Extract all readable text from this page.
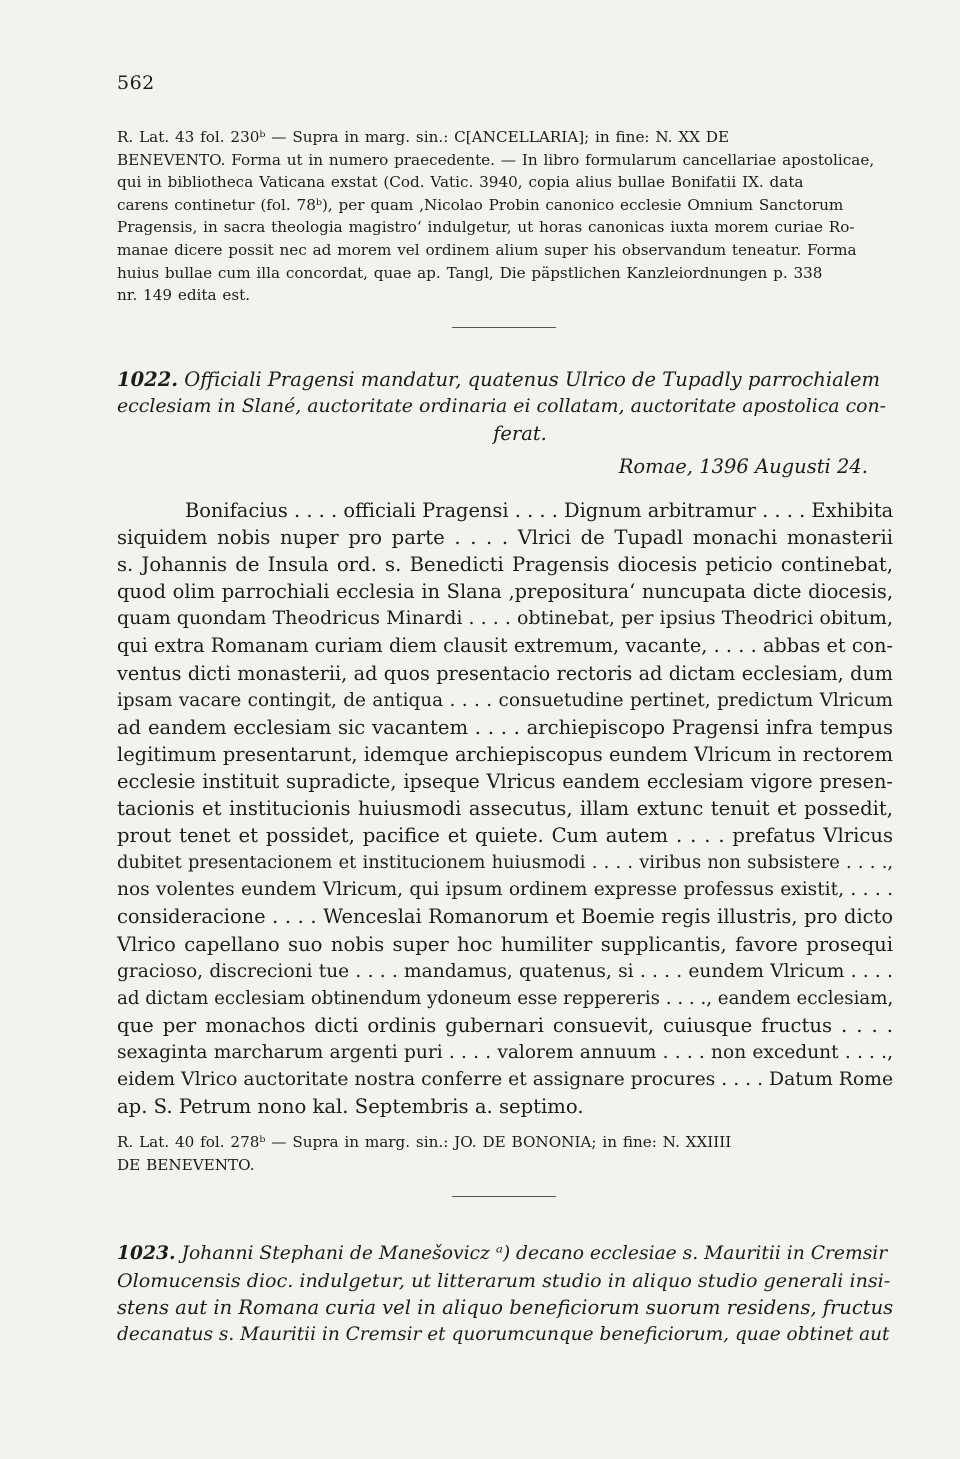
562
R. Lat. 43 fol. 230ᵇ — Supra in marg. sin.: C[ANCELLARIA]; in fine: N. XX DE
BENEVENTO. Forma ut in numero praecedente. — In libro formularum cancellariae apostolicae,
qui in bibliotheca Vaticana exstat (Cod. Vatic. 3940, copia alius bullae Bonifatii IX. data
carens continetur (fol. 78ᵇ), per quam ‚Nicolao Probin canonico ecclesie Omnium Sanctorum
Pragensis, in sacra theologia magistro‘ indulgetur, ut horas canonicas iuxta morem curiae Ro-
manae dicere possit nec ad morem vel ordinem alium super his observandum teneatur. Forma
huius bullae cum illa concordat, quae ap. Tangl, Die päpstlichen Kanzleiordnungen p. 338
nr. 149 edita est.
1022. Officiali Pragensi mandatur, quatenus Ulrico de Tupadly parrochialem
ecclesiam in Slané, auctoritate ordinaria ei collatam, auctoritate apostolica con-
ferat.
Romae, 1396 Augusti 24.
Bonifacius . . . . officiali Pragensi . . . . Dignum arbitramur . . . . Exhibita
siquidem nobis nuper pro parte . . . . Vlrici de Tupadl monachi monasterii
s. Johannis de Insula ord. s. Benedicti Pragensis diocesis peticio continebat,
quod olim parrochiali ecclesia in Slana ‚prepositura‘ nuncupata dicte diocesis,
quam quondam Theodricus Minardi . . . . obtinebat, per ipsius Theodrici obitum,
qui extra Romanam curiam diem clausit extremum, vacante, . . . . abbas et con-
ventus dicti monasterii, ad quos presentacio rectoris ad dictam ecclesiam, dum
ipsam vacare contingit, de antiqua . . . . consuetudine pertinet, predictum Vlricum
ad eandem ecclesiam sic vacantem . . . . archiepiscopo Pragensi infra tempus
legitimum presentarunt, idemque archiepiscopus eundem Vlricum in rectorem
ecclesie instituit supradicte, ipseque Vlricus eandem ecclesiam vigore presen-
tacionis et institucionis huiusmodi assecutus, illam extunc tenuit et possedit,
prout tenet et possidet, pacifice et quiete. Cum autem . . . . prefatus Vlricus
dubitet presentacionem et institucionem huiusmodi . . . . viribus non subsistere . . . .,
nos volentes eundem Vlricum, qui ipsum ordinem expresse professus existit, . . . .
consideracione . . . . Wenceslai Romanorum et Boemie regis illustris, pro dicto
Vlrico capellano suo nobis super hoc humiliter supplicantis, favore prosequi
gracioso, discrecioni tue . . . . mandamus, quatenus, si . . . . eundem Vlricum . . . .
ad dictam ecclesiam obtinendum ydoneum esse reppereris . . . ., eandem ecclesiam,
que per monachos dicti ordinis gubernari consuevit, cuiusque fructus . . . .
sexaginta marcharum argenti puri . . . . valorem annuum . . . . non excedunt . . . .,
eidem Vlrico auctoritate nostra conferre et assignare procures . . . . Datum Rome
ap. S. Petrum nono kal. Septembris a. septimo.
R. Lat. 40 fol. 278ᵇ — Supra in marg. sin.: JO. DE BONONIA; in fine: N. XXIIII
DE BENEVENTO.
1023. Johanni Stephani de Manešovicz ᵃ) decano ecclesiae s. Mauritii in Cremsir
Olomucensis dioc. indulgetur, ut litterarum studio in aliquo studio generali insi-
stens aut in Romana curia vel in aliquo beneficiorum suorum residens, fructus
decanatus s. Mauritii in Cremsir et quorumcunque beneficiorum, quae obtinet aut
